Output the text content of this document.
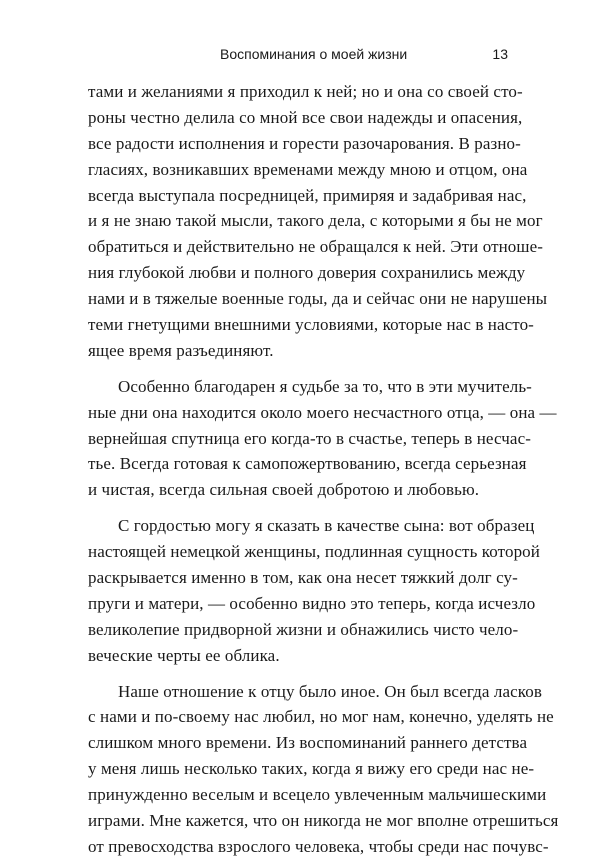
Воспоминания о моей жизни	13
тами и желаниями я приходил к ней; но и она со своей сто-
роны честно делила со мной все свои надежды и опасения,
все радости исполнения и горести разочарования. В разно-
гласиях, возникавших временами между мною и отцом, она
всегда выступала посредницей, примиряя и задабривая нас,
и я не знаю такой мысли, такого дела, с которыми я бы не мог
обратиться и действительно не обращался к ней. Эти отноше-
ния глубокой любви и полного доверия сохранились между
нами и в тяжелые военные годы, да и сейчас они не нарушены
теми гнетущими внешними условиями, которые нас в насто-
ящее время разъединяют.
Особенно благодарен я судьбе за то, что в эти мучитель-
ные дни она находится около моего несчастного отца, — она —
вернейшая спутница его когда-то в счастье, теперь в несчас-
тье. Всегда готовая к самопожертвованию, всегда серьезная
и чистая, всегда сильная своей добротою и любовью.
С гордостью могу я сказать в качестве сына: вот образец
настоящей немецкой женщины, подлинная сущность которой
раскрывается именно в том, как она несет тяжкий долг су-
пруги и матери, — особенно видно это теперь, когда исчезло
великолепие придворной жизни и обнажились чисто чело-
веческие черты ее облика.
Наше отношение к отцу было иное. Он был всегда ласков
с нами и по-своему нас любил, но мог нам, конечно, уделять не
слишком много времени. Из воспоминаний раннего детства
у меня лишь несколько таких, когда я вижу его среди нас не-
принужденно веселым и всецело увлеченным мальчишескими
играми. Мне кажется, что он никогда не мог вполне отрешиться
от превосходства взрослого человека, чтобы среди нас почувс-
